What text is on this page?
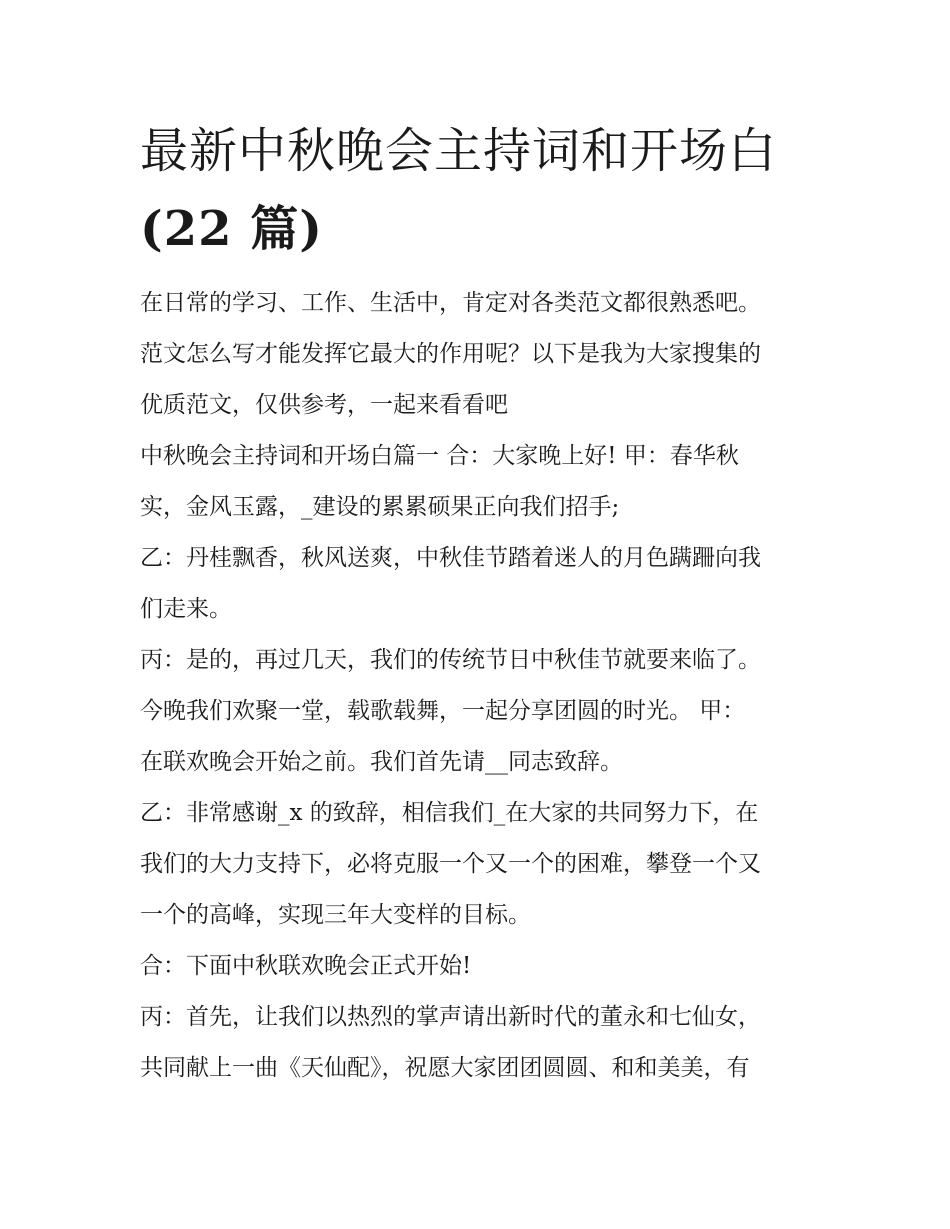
最新中秋晚会主持词和开场白
(22 篇)
在日常的学习、工作、生活中，肯定对各类范文都很熟悉吧。
范文怎么写才能发挥它最大的作用呢？以下是我为大家搜集的
优质范文，仅供参考，一起来看看吧
中秋晚会主持词和开场白篇一 合：大家晚上好! 甲：春华秋
实，金风玉露，_建设的累累硕果正向我们招手;
乙：丹桂飘香，秋风送爽，中秋佳节踏着迷人的月色蹒跚向我
们走来。
丙：是的，再过几天，我们的传统节日中秋佳节就要来临了。
今晚我们欢聚一堂，载歌载舞，一起分享团圆的时光。 甲：
在联欢晚会开始之前。我们首先请__同志致辞。
乙：非常感谢_x 的致辞，相信我们_在大家的共同努力下，在
我们的大力支持下，必将克服一个又一个的困难，攀登一个又
一个的高峰，实现三年大变样的目标。
合：下面中秋联欢晚会正式开始!
丙：首先，让我们以热烈的掌声请出新时代的董永和七仙女，
共同献上一曲《天仙配》，祝愿大家团团圆圆、和和美美，有
